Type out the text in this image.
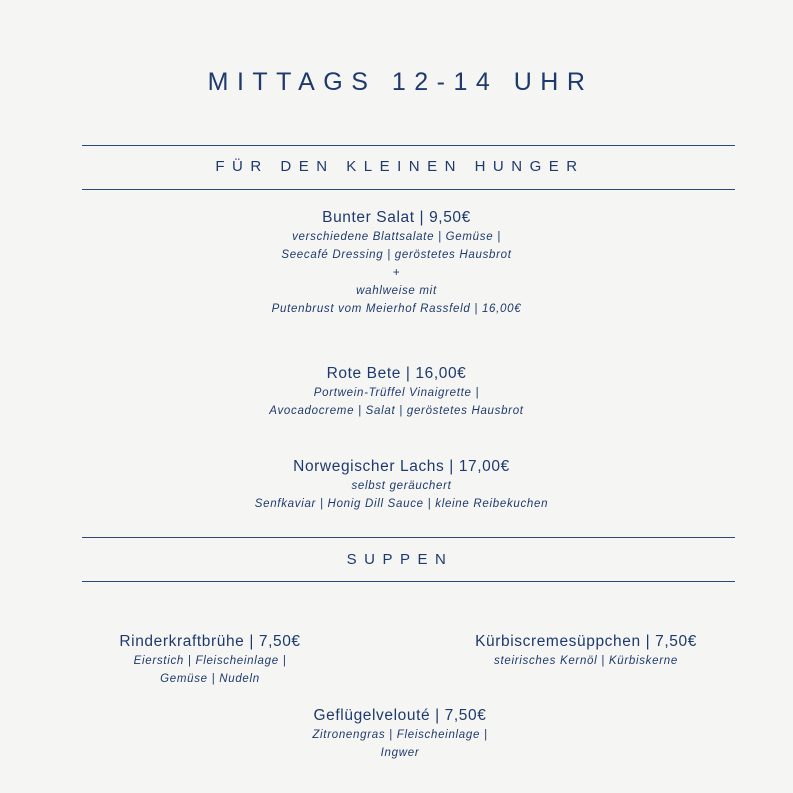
MITTAGS 12-14 UHR
FÜR DEN KLEINEN HUNGER
Bunter Salat | 9,50€
verschiedene Blattsalate | Gemüse |
Seecafé Dressing | geröstetes Hausbrot
+
wahlweise mit
Putenbrust vom Meierhof Rassfeld | 16,00€
Rote Bete | 16,00€
Portwein-Trüffel Vinaigrette |
Avocadocreme | Salat | geröstetes Hausbrot
Norwegischer Lachs | 17,00€
selbst geräuchert
Senfkaviar | Honig Dill Sauce | kleine Reibekuchen
SUPPEN
Rinderkraftbrühe | 7,50€
Eierstich | Fleischeinlage |
Gemüse | Nudeln
Kürbiscremesüppchen | 7,50€
steirisches Kernöl | Kürbiskerne
Geflügelvelouté | 7,50€
Zitronengras | Fleischeinlage |
Ingwer
